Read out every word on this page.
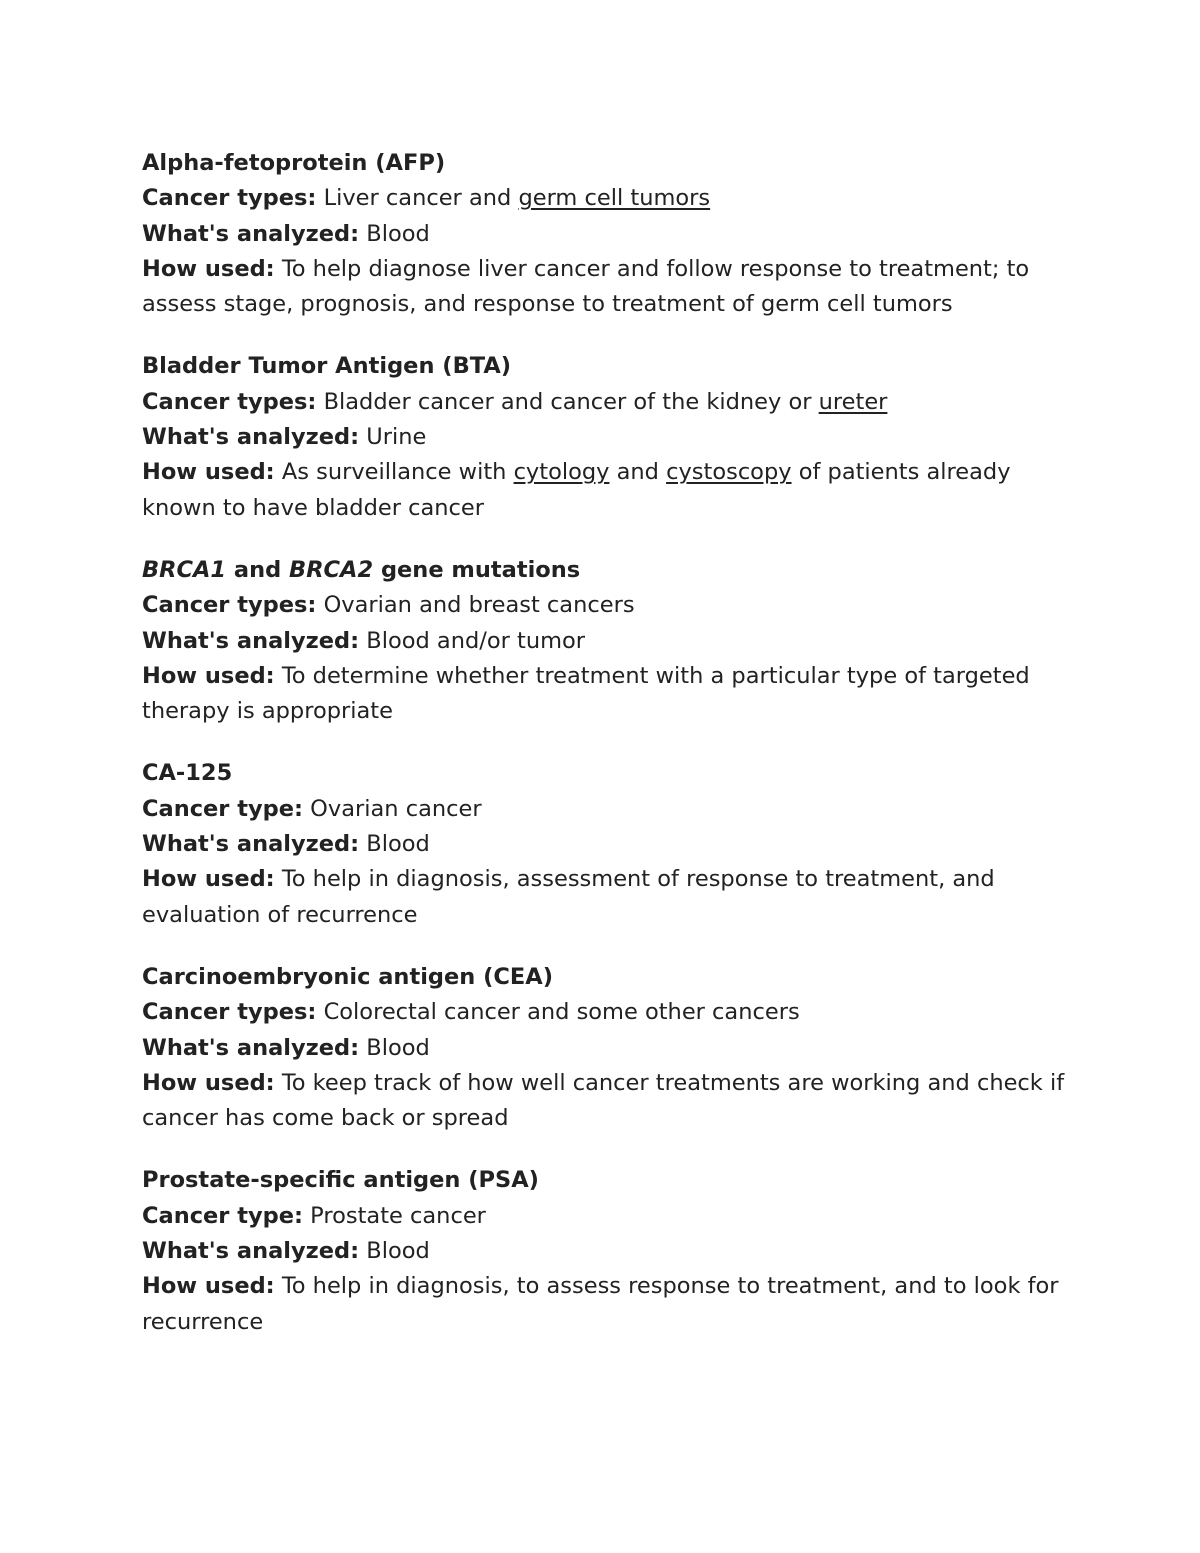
Alpha-fetoprotein (AFP)

Cancer types: Liver cancer and germ cell tumors

What's analyzed: Blood

How used: To help diagnose liver cancer and follow response to treatment; to assess stage, prognosis, and response to treatment of germ cell tumors

Bladder Tumor Antigen (BTA)

Cancer types: Bladder cancer and cancer of the kidney or ureter

What's analyzed: Urine

How used: As surveillance with cytology and cystoscopy of patients already known to have bladder cancer

BRCA1 and BRCA2 gene mutations

Cancer types: Ovarian and breast cancers

What's analyzed: Blood and/or tumor

How used: To determine whether treatment with a particular type of targeted therapy is appropriate

CA-125

Cancer type: Ovarian cancer

What's analyzed: Blood

How used: To help in diagnosis, assessment of response to treatment, and evaluation of recurrence

Carcinoembryonic antigen (CEA)

Cancer types: Colorectal cancer and some other cancers

What's analyzed: Blood

How used: To keep track of how well cancer treatments are working and check if cancer has come back or spread

Prostate-specific antigen (PSA)

Cancer type: Prostate cancer

What's analyzed: Blood

How used: To help in diagnosis, to assess response to treatment, and to look for recurrence
